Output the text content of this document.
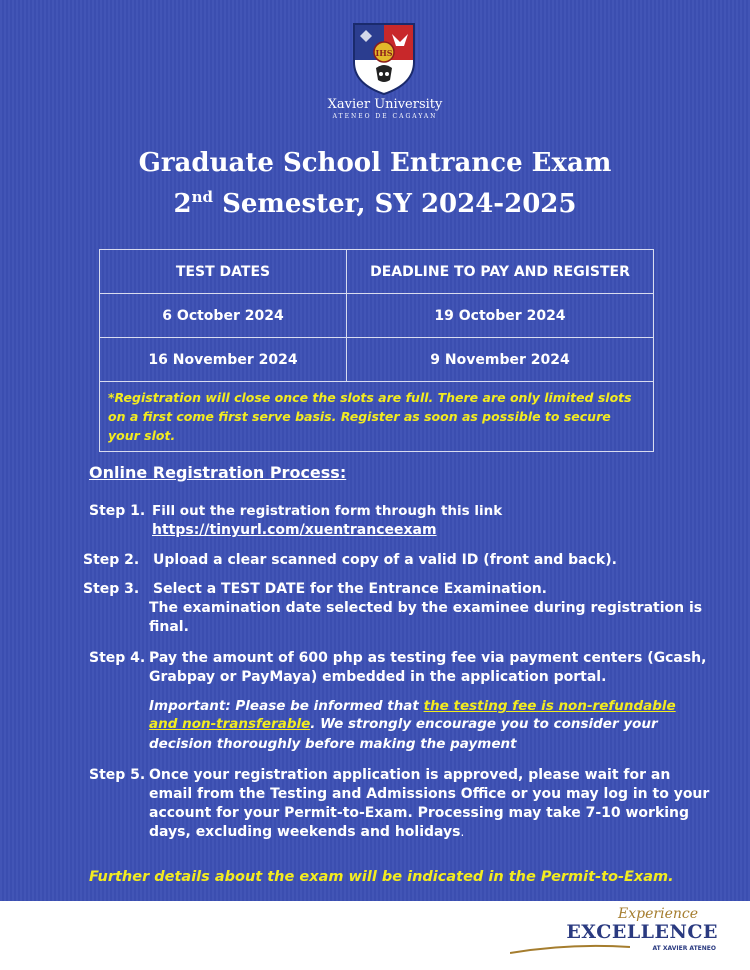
IHS
Xavier University
ATENEO DE CAGAYAN
Graduate School Entrance Exam
2nd Semester, SY 2024-2025
TEST DATES	DEADLINE TO PAY AND REGISTER
6 October 2024	19 October 2024
16 November 2024	9 November 2024
*Registration will close once the slots are full. There are only limited slots on a first come first serve basis. Register as soon as possible to secure your slot.	
Online Registration Process:
Step 1. Fill out the registration form through this link
https://tinyurl.com/xuentranceexam
Step 2. Upload a clear scanned copy of a valid ID (front and back).
Step 3. Select a TEST DATE for the Entrance Examination.
The examination date selected by the examinee during registration is
final.
Step 4. Pay the amount of 600 php as testing fee via payment centers (Gcash,
Grabpay or PayMaya) embedded in the application portal.
Important: Please be informed that the testing fee is non-refundable
and non-transferable. We strongly encourage you to consider your
decision thoroughly before making the payment
Step 5. Once your registration application is approved, please wait for an
email from the Testing and Admissions Office or you may log in to your
account for your Permit-to-Exam. Processing may take 7-10 working
days, excluding weekends and holidays.
Further details about the exam will be indicated in the Permit-to-Exam.
Experience
EXCELLENCE
AT XAVIER ATENEO
